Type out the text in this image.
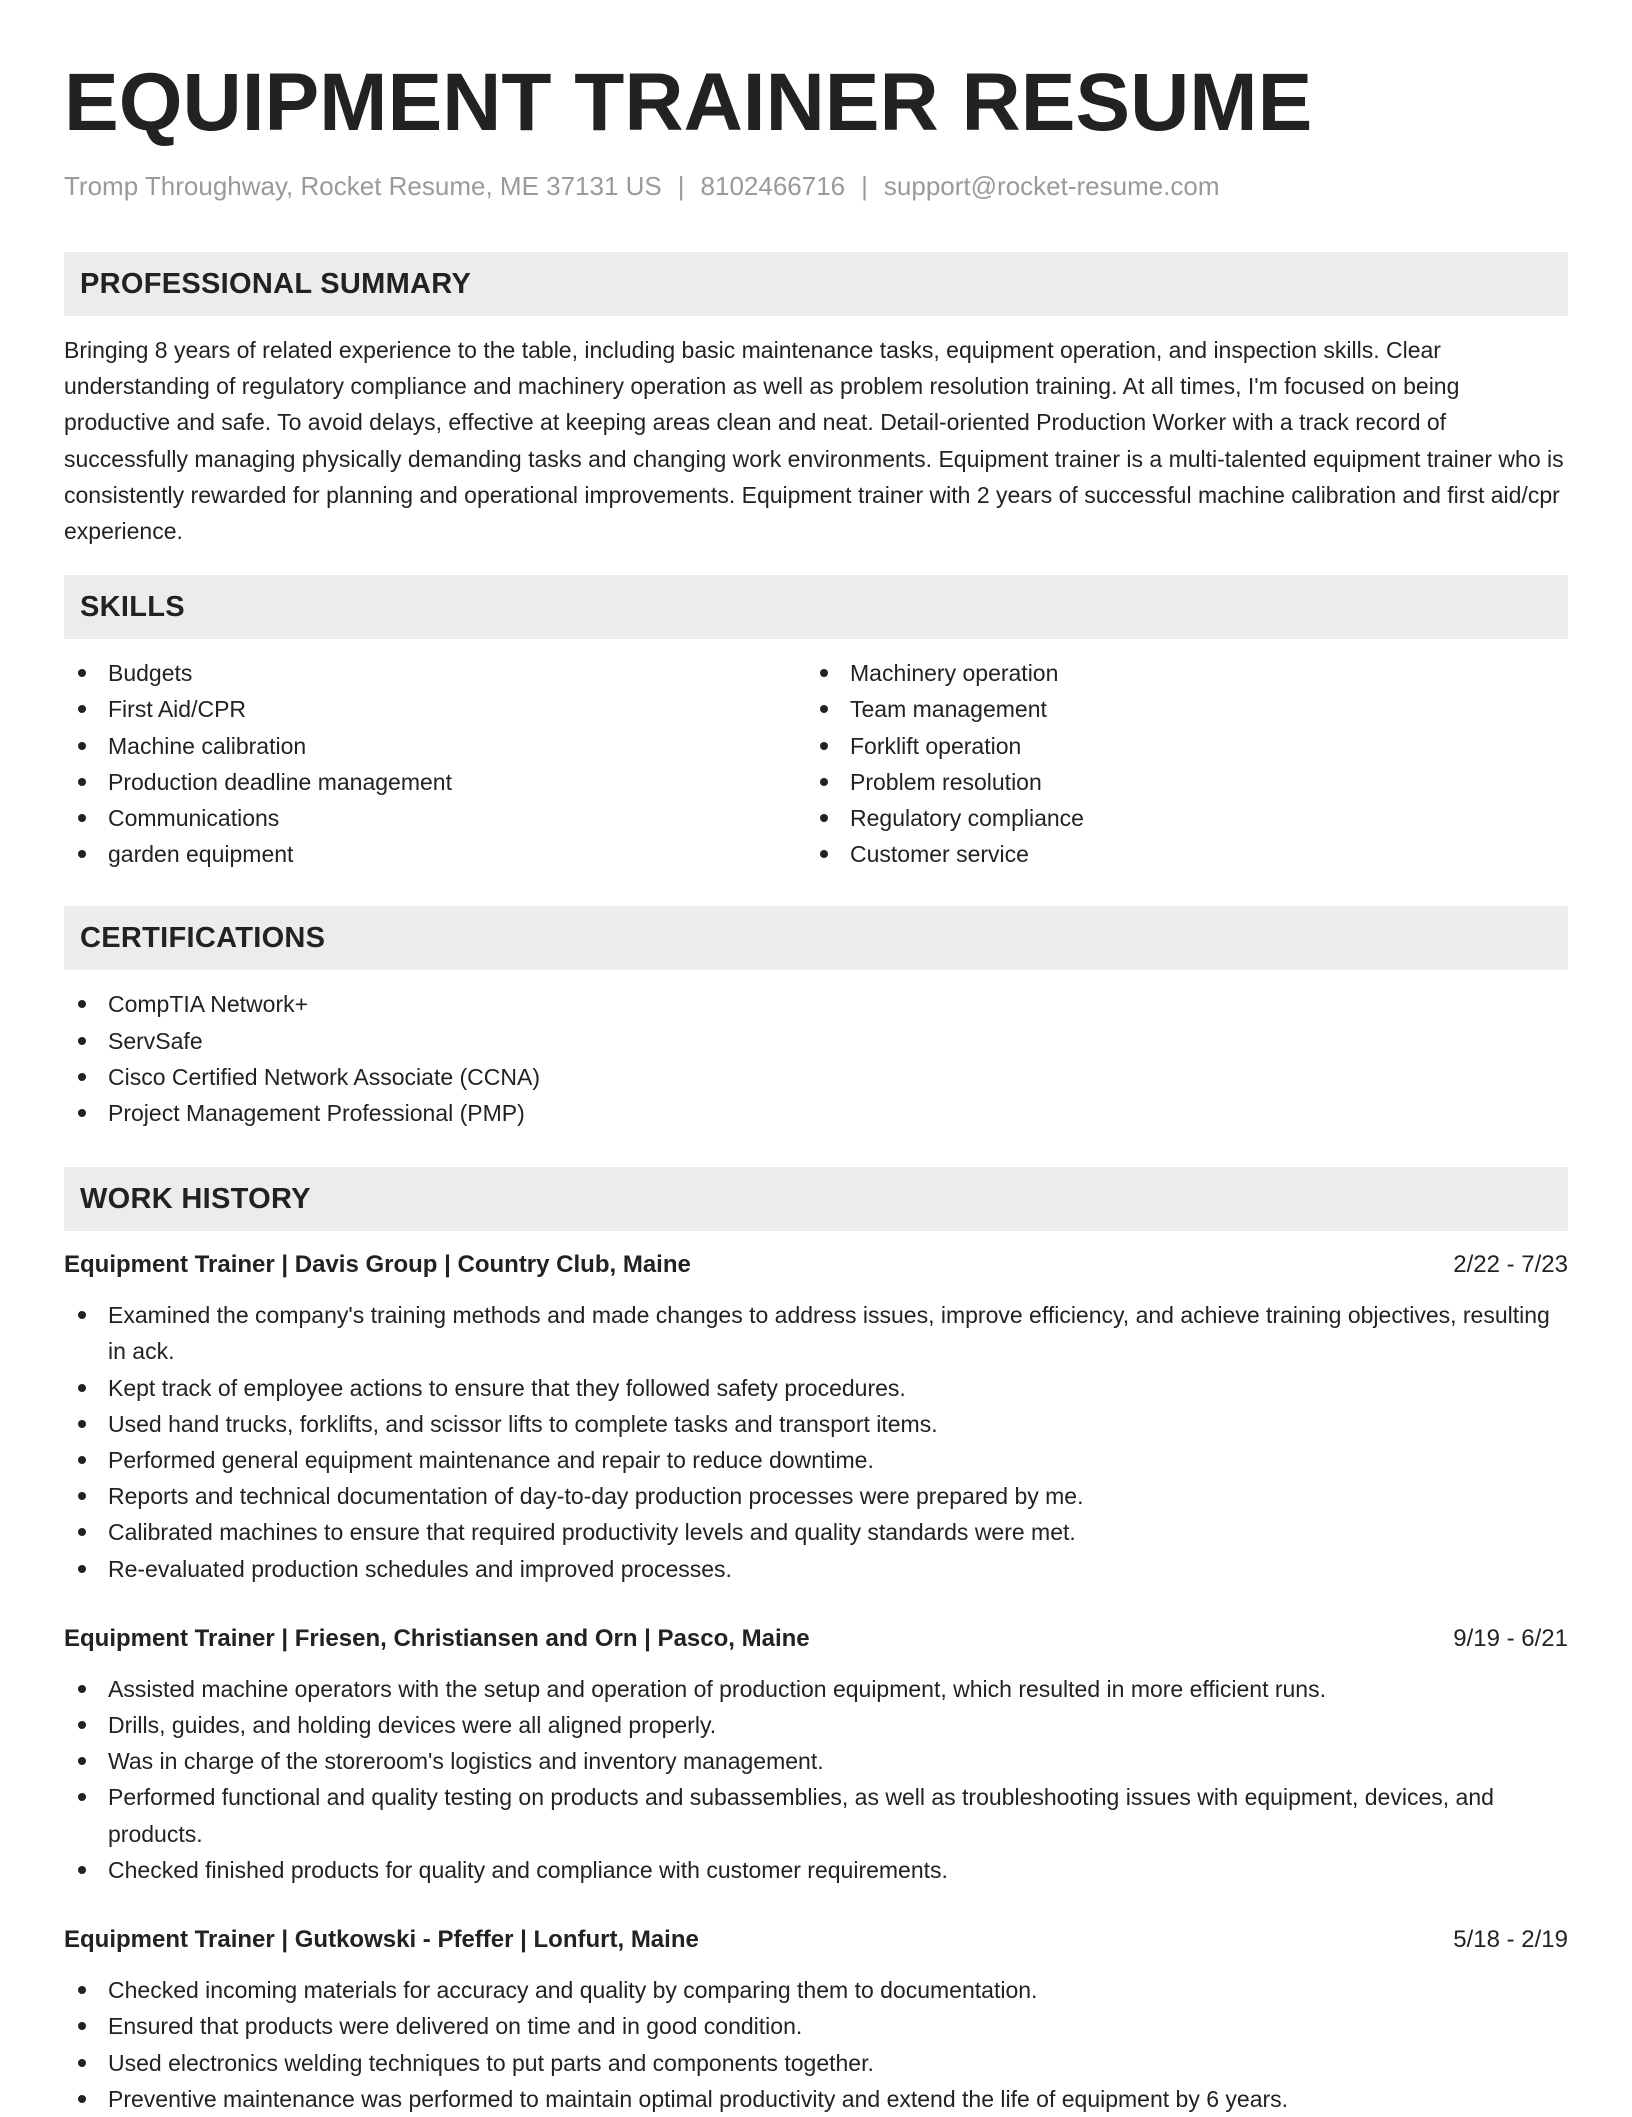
EQUIPMENT TRAINER RESUME
Tromp Throughway, Rocket Resume, ME 37131 US | 8102466716 | support@rocket-resume.com
PROFESSIONAL SUMMARY

Bringing 8 years of related experience to the table, including basic maintenance tasks, equipment operation, and inspection skills. Clear understanding of regulatory compliance and machinery operation as well as problem resolution training. At all times, I'm focused on being productive and safe. To avoid delays, effective at keeping areas clean and neat. Detail-oriented Production Worker with a track record of successfully managing physically demanding tasks and changing work environments. Equipment trainer is a multi-talented equipment trainer who is consistently rewarded for planning and operational improvements. Equipment trainer with 2 years of successful machine calibration and first aid/cpr experience.

SKILLS
Budgets
First Aid/CPR
Machine calibration
Production deadline management
Communications
garden equipment
Machinery operation
Team management
Forklift operation
Problem resolution
Regulatory compliance
Customer service
CERTIFICATIONS
CompTIA Network+
ServSafe
Cisco Certified Network Associate (CCNA)
Project Management Professional (PMP)
WORK HISTORY
Equipment Trainer | Davis Group | Country Club, Maine	2/22 - 7/23
Examined the company's training methods and made changes to address issues, improve efficiency, and achieve training objectives, resulting in ack.
Kept track of employee actions to ensure that they followed safety procedures.
Used hand trucks, forklifts, and scissor lifts to complete tasks and transport items.
Performed general equipment maintenance and repair to reduce downtime.
Reports and technical documentation of day-to-day production processes were prepared by me.
Calibrated machines to ensure that required productivity levels and quality standards were met.
Re-evaluated production schedules and improved processes.
Equipment Trainer | Friesen, Christiansen and Orn | Pasco, Maine	9/19 - 6/21
Assisted machine operators with the setup and operation of production equipment, which resulted in more efficient runs.
Drills, guides, and holding devices were all aligned properly.
Was in charge of the storeroom's logistics and inventory management.
Performed functional and quality testing on products and subassemblies, as well as troubleshooting issues with equipment, devices, and products.
Checked finished products for quality and compliance with customer requirements.
Equipment Trainer | Gutkowski - Pfeffer | Lonfurt, Maine	5/18 - 2/19
Checked incoming materials for accuracy and quality by comparing them to documentation.
Ensured that products were delivered on time and in good condition.
Used electronics welding techniques to put parts and components together.
Preventive maintenance was performed to maintain optimal productivity and extend the life of equipment by 6 years.
